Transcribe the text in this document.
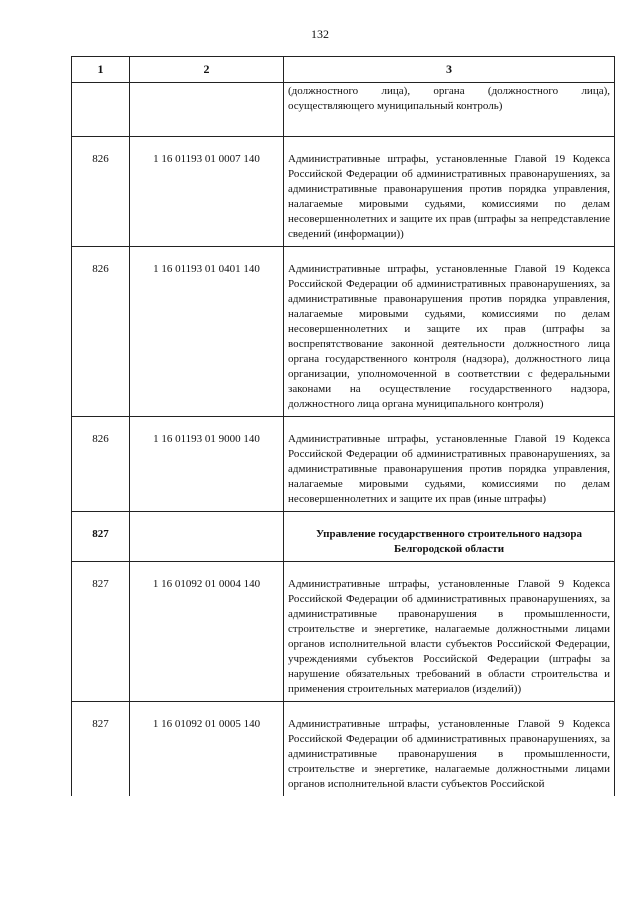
132
1	2	3
		(должностного лица), органа (должностного лица), осуществляющего муниципальный контроль)
826	1 16 01193 01 0007 140	Административные штрафы, установленные Главой 19 Кодекса Российской Федерации об административных правонарушениях, за административные правонарушения против порядка управления, налагаемые мировыми судьями, комиссиями по делам несовершеннолетних и защите их прав (штрафы за непредставление сведений (информации))
826	1 16 01193 01 0401 140	Административные штрафы, установленные Главой 19 Кодекса Российской Федерации об административных правонарушениях, за административные правонарушения против порядка управления, налагаемые мировыми судьями, комиссиями по делам несовершеннолетних и защите их прав (штрафы за воспрепятствование законной деятельности должностного лица органа государственного контроля (надзора), должностного лица организации, уполномоченной в соответствии с федеральными законами на осуществление государственного надзора, должностного лица органа муниципального контроля)
826	1 16 01193 01 9000 140	Административные штрафы, установленные Главой 19 Кодекса Российской Федерации об административных правонарушениях, за административные правонарушения против порядка управления, налагаемые мировыми судьями, комиссиями по делам несовершеннолетних и защите их прав (иные штрафы)
827		Управление государственного строительного надзора Белгородской области
827	1 16 01092 01 0004 140	Административные штрафы, установленные Главой 9 Кодекса Российской Федерации об административных правонарушениях, за административные правонарушения в промышленности, строительстве и энергетике, налагаемые должностными лицами органов исполнительной власти субъектов Российской Федерации, учреждениями субъектов Российской Федерации (штрафы за нарушение обязательных требований в области строительства и применения строительных материалов (изделий))
827	1 16 01092 01 0005 140	Административные штрафы, установленные Главой 9 Кодекса Российской Федерации об административных правонарушениях, за административные правонарушения в промышленности, строительстве и энергетике, налагаемые должностными лицами органов исполнительной власти субъектов Российской
